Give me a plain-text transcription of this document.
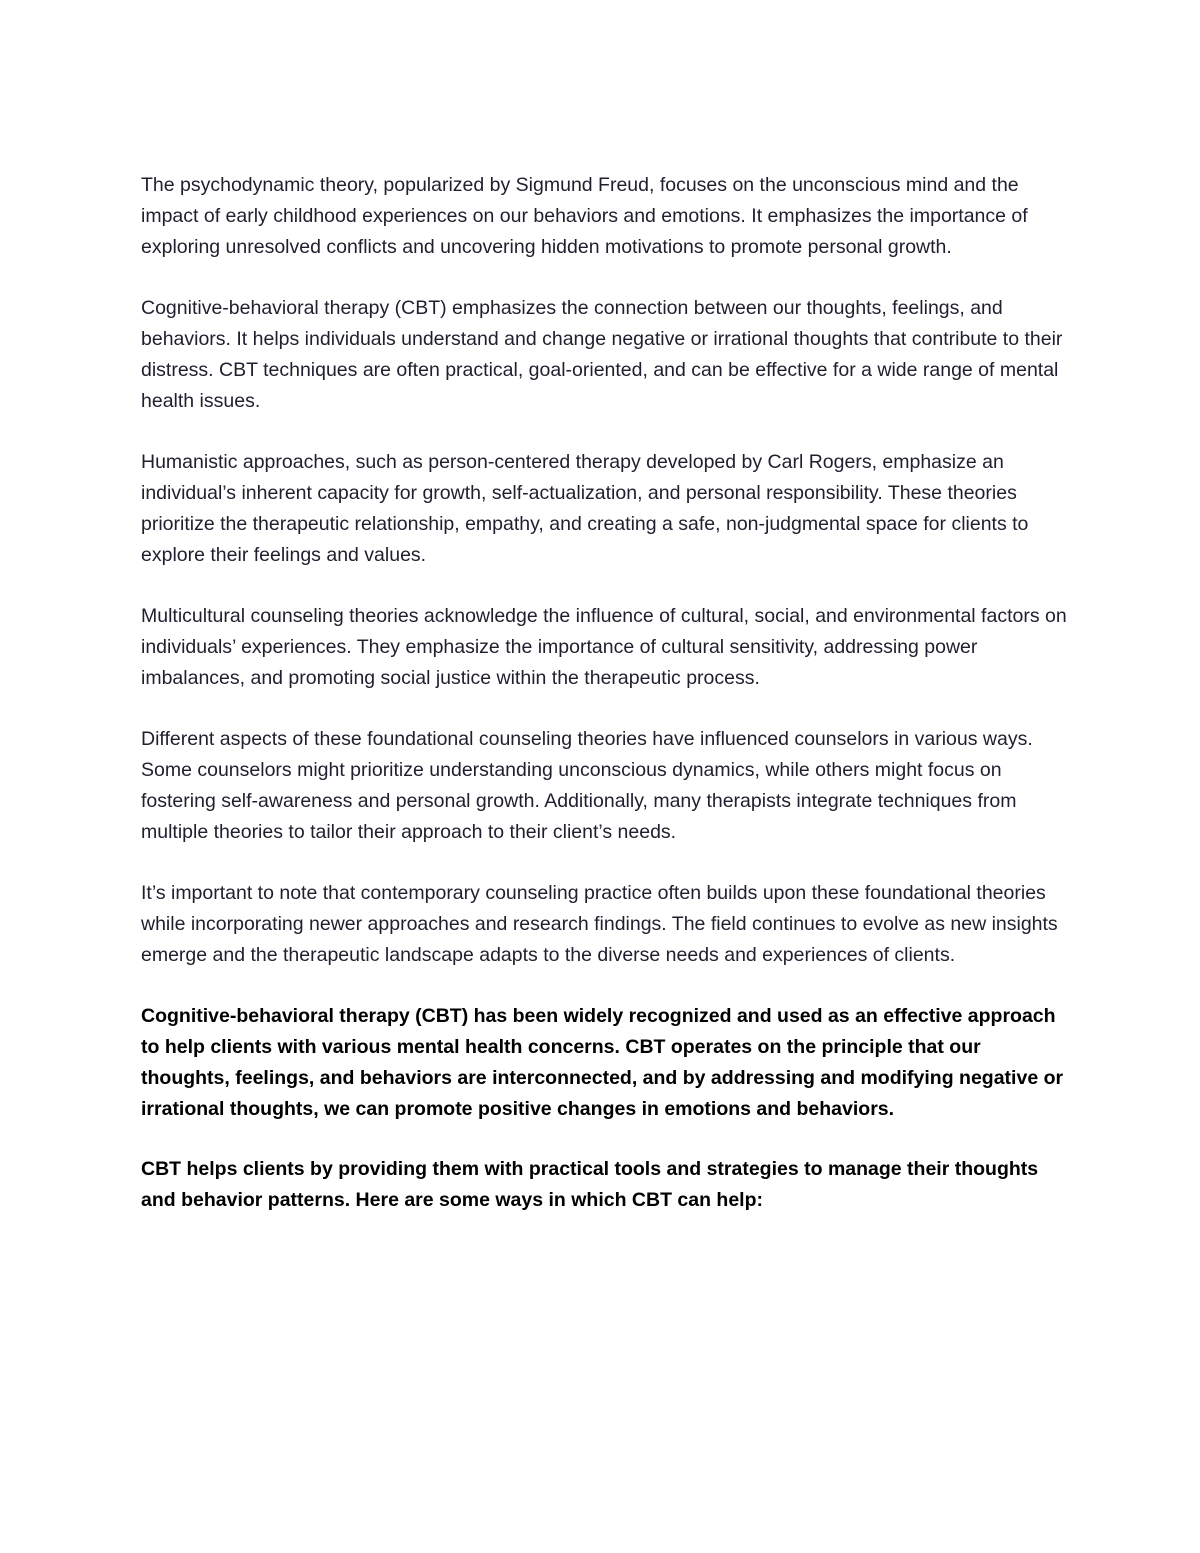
The psychodynamic theory, popularized by Sigmund Freud, focuses on the unconscious mind and the impact of early childhood experiences on our behaviors and emotions. It emphasizes the importance of exploring unresolved conflicts and uncovering hidden motivations to promote personal growth.

Cognitive-behavioral therapy (CBT) emphasizes the connection between our thoughts, feelings, and behaviors. It helps individuals understand and change negative or irrational thoughts that contribute to their distress. CBT techniques are often practical, goal-oriented, and can be effective for a wide range of mental health issues.

Humanistic approaches, such as person-centered therapy developed by Carl Rogers, emphasize an individual’s inherent capacity for growth, self-actualization, and personal responsibility. These theories prioritize the therapeutic relationship, empathy, and creating a safe, non-judgmental space for clients to explore their feelings and values.

Multicultural counseling theories acknowledge the influence of cultural, social, and environmental factors on individuals’ experiences. They emphasize the importance of cultural sensitivity, addressing power imbalances, and promoting social justice within the therapeutic process.

Different aspects of these foundational counseling theories have influenced counselors in various ways. Some counselors might prioritize understanding unconscious dynamics, while others might focus on fostering self-awareness and personal growth. Additionally, many therapists integrate techniques from multiple theories to tailor their approach to their client’s needs.

It’s important to note that contemporary counseling practice often builds upon these foundational theories while incorporating newer approaches and research findings. The field continues to evolve as new insights emerge and the therapeutic landscape adapts to the diverse needs and experiences of clients.

Cognitive-behavioral therapy (CBT) has been widely recognized and used as an effective approach to help clients with various mental health concerns. CBT operates on the principle that our thoughts, feelings, and behaviors are interconnected, and by addressing and modifying negative or irrational thoughts, we can promote positive changes in emotions and behaviors.

CBT helps clients by providing them with practical tools and strategies to manage their thoughts and behavior patterns. Here are some ways in which CBT can help:
